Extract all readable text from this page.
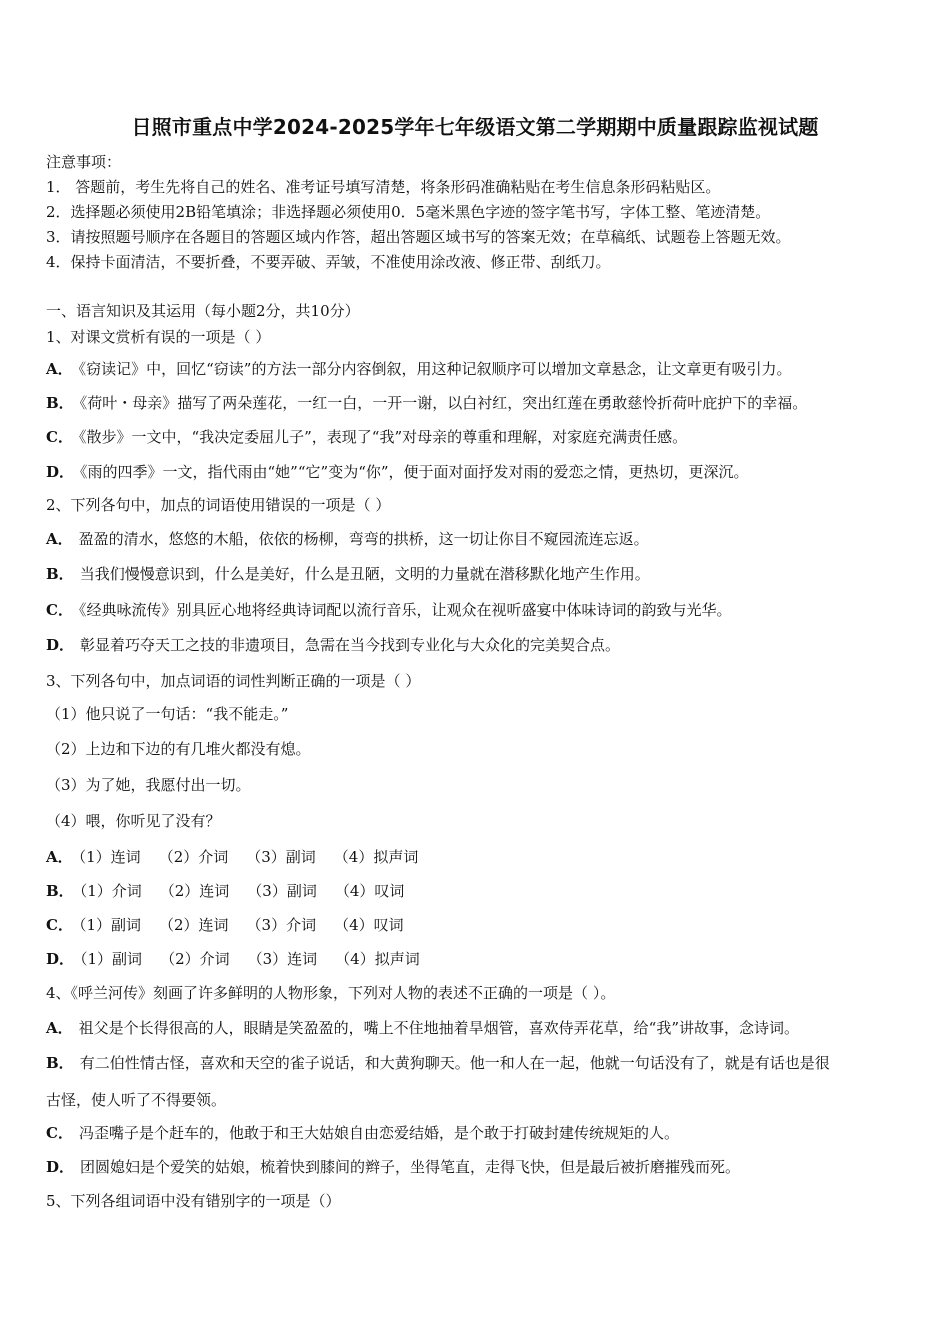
日照市重点中学2024-2025学年七年级语文第二学期期中质量跟踪监视试题
注意事项：
1． 答题前，考生先将自己的姓名、准考证号填写清楚，将条形码准确粘贴在考生信息条形码粘贴区。
2．选择题必须使用2B铅笔填涂；非选择题必须使用0．5毫米黑色字迹的签字笔书写，字体工整、笔迹清楚。
3．请按照题号顺序在各题目的答题区域内作答，超出答题区域书写的答案无效；在草稿纸、试题卷上答题无效。
4．保持卡面清洁，不要折叠，不要弄破、弄皱，不准使用涂改液、修正带、刮纸刀。
一、语言知识及其运用（每小题2分，共10分）
1、对课文赏析有误的一项是（ ）
A． 《窃读记》中，回忆“窃读”的方法一部分内容倒叙，用这种记叙顺序可以增加文章悬念，让文章更有吸引力。
B． 《荷叶・母亲》描写了两朵莲花，一红一白，一开一谢，以白衬红，突出红莲在勇敢慈怜折荷叶庇护下的幸福。
C． 《散步》一文中，“我决定委屈儿子”，表现了“我”对母亲的尊重和理解，对家庭充满责任感。
D． 《雨的四季》一文，指代雨由“她”“它”变为“你”，便于面对面抒发对雨的爱恋之情，更热切，更深沉。
2、下列各句中，加点的词语使用错误的一项是（ ）
A． 盈盈的清水，悠悠的木船，依依的杨柳，弯弯的拱桥，这一切让你目不窥园流连忘返。
B． 当我们慢慢意识到，什么是美好，什么是丑陋，文明的力量就在潜移默化地产生作用。
C． 《经典咏流传》别具匠心地将经典诗词配以流行音乐，让观众在视听盛宴中体味诗词的韵致与光华。
D． 彰显着巧夺天工之技的非遗项目，急需在当今找到专业化与大众化的完美契合点。
3、下列各句中，加点词语的词性判断正确的一项是（ ）
（1）他只说了一句话：“我不能走。”
（2）上边和下边的有几堆火都没有熄。
（3）为了她，我愿付出一切。
（4）喂，你听见了没有？
A． （1）连词 （2）介词 （3）副词 （4）拟声词
B． （1）介词 （2）连词 （3）副词 （4）叹词
C． （1）副词 （2）连词 （3）介词 （4）叹词
D． （1）副词 （2）介词 （3）连词 （4）拟声词
4、《呼兰河传》刻画了许多鲜明的人物形象，下列对人物的表述不正确的一项是（ ）。
A． 祖父是个长得很高的人，眼睛是笑盈盈的，嘴上不住地抽着旱烟管，喜欢侍弄花草，给“我”讲故事，念诗词。
B． 有二伯性情古怪，喜欢和天空的雀子说话，和大黄狗聊天。他一和人在一起，他就一句话没有了，就是有话也是很
古怪，使人听了不得要领。
C． 冯歪嘴子是个赶车的，他敢于和王大姑娘自由恋爱结婚，是个敢于打破封建传统规矩的人。
D． 团圆媳妇是个爱笑的姑娘，梳着快到膝间的辫子，坐得笔直，走得飞快，但是最后被折磨摧残而死。
5、下列各组词语中没有错别字的一项是（）
